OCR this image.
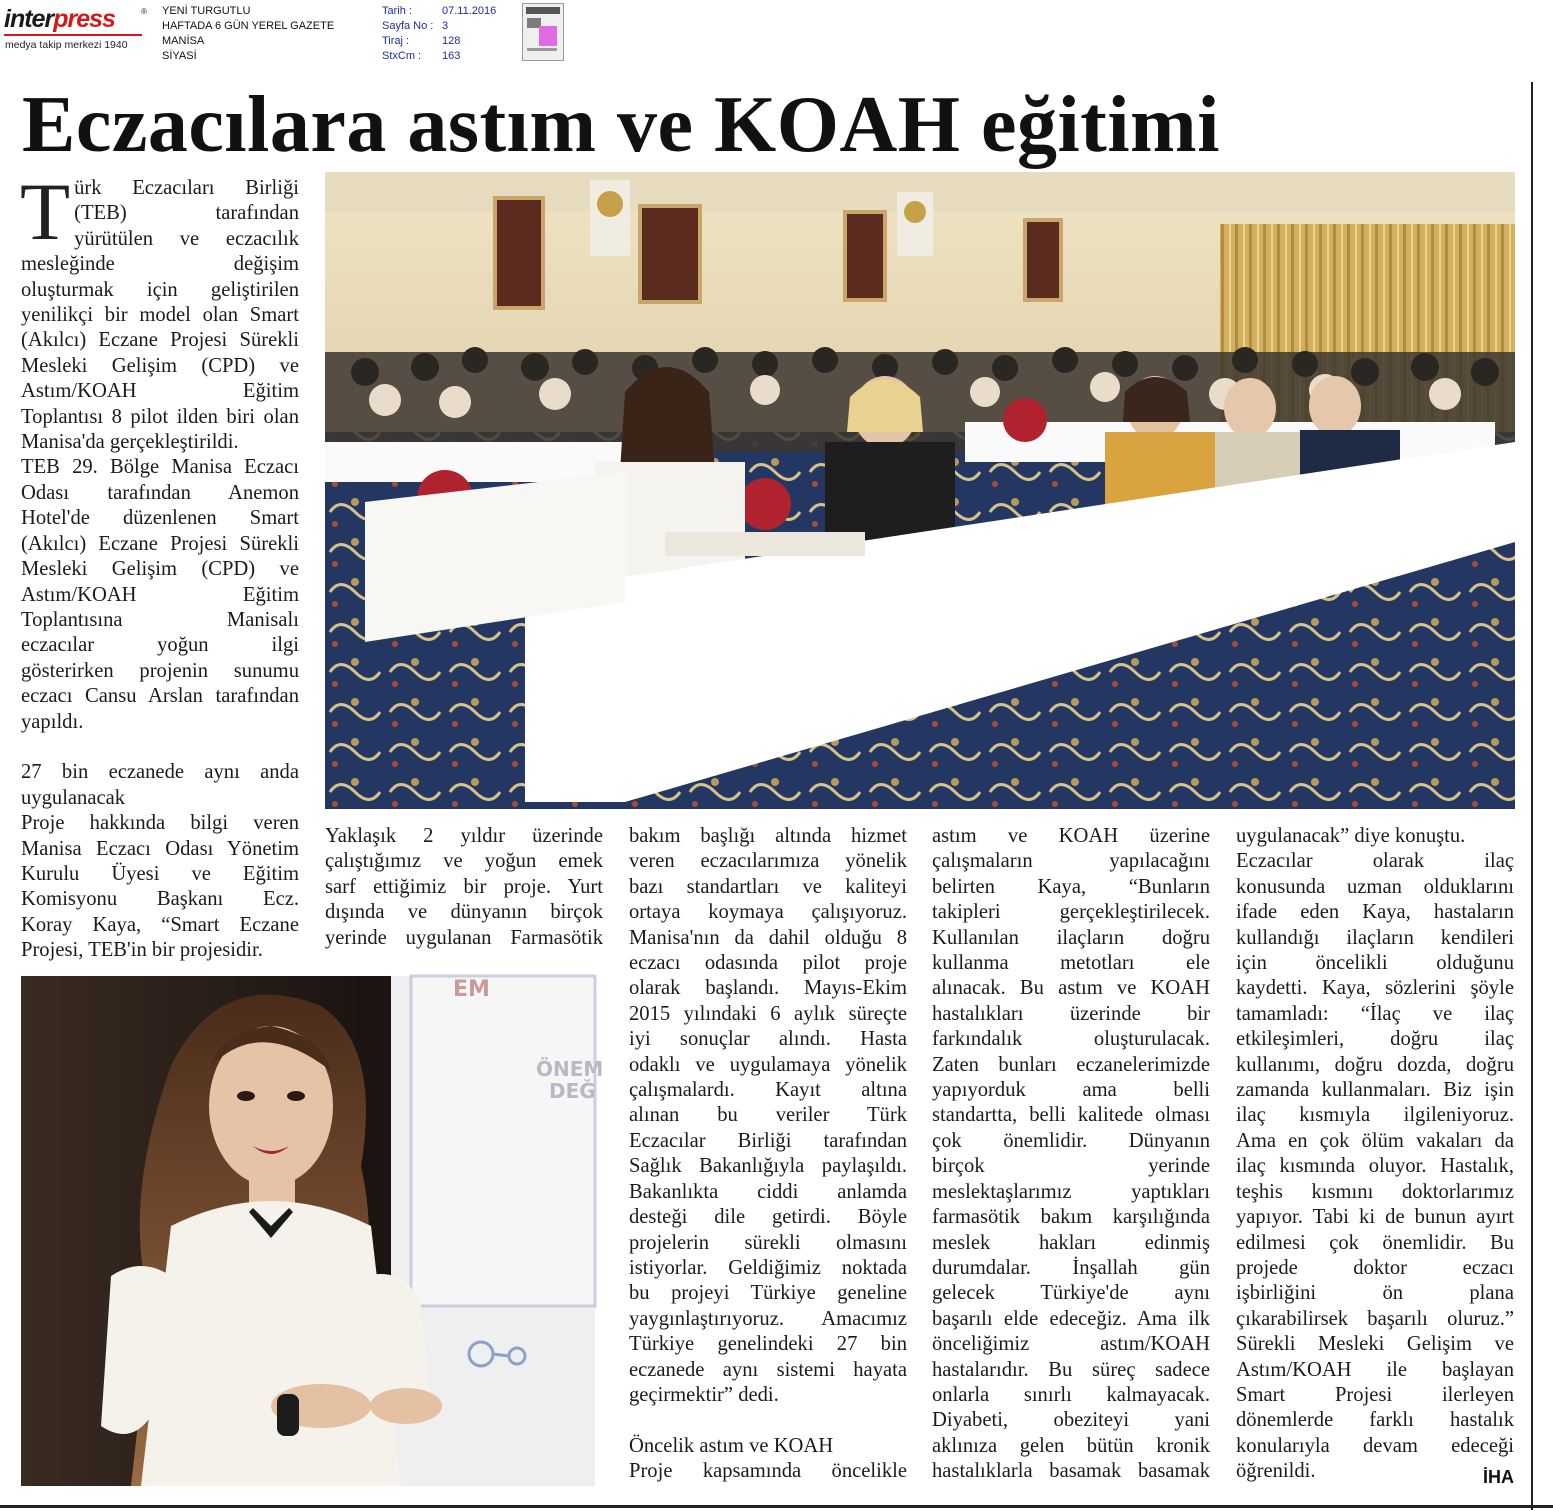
interpress	®
medya takip merkezi 1940
YENİ TURGUTLU
HAFTADA 6 GÜN YEREL GAZETE
MANİSA
SİYASİ
Tarih :	07.11.2016
Sayfa No : 3
Tiraj :	128
StxCm : 163
Eczacılara astım ve KOAH eğitimi
T ürk Eczacıları Birliği

(TEB) tarafından

yürütülen ve eczacılık

mesleğinde değişim

oluşturmak için geliştirilen

yenilikçi bir model olan Smart

(Akılcı) Eczane Projesi Sürekli

Mesleki Gelişim (CPD) ve

Astım/KOAH Eğitim

Toplantısı 8 pilot ilden biri olan

Manisa'da gerçekleştirildi.

TEB 29. Bölge Manisa Eczacı

Odası tarafından Anemon

Hotel'de düzenlenen Smart

(Akılcı) Eczane Projesi Sürekli

Mesleki Gelişim (CPD) ve

Astım/KOAH Eğitim

Toplantısına Manisalı

eczacılar yoğun ilgi

gösterirken projenin sunumu

eczacı Cansu Arslan tarafından

yapıldı.

27 bin eczanede aynı anda

uygulanacak

Proje hakkında bilgi veren

Manisa Eczacı Odası Yönetim

Kurulu Üyesi ve Eğitim

Komisyonu Başkanı Ecz.

Koray Kaya, “Smart Eczane

Projesi, TEB'in bir projesidir.

Yaklaşık 2 yıldır üzerinde

çalıştığımız ve yoğun emek

sarf ettiğimiz bir proje. Yurt

dışında ve dünyanın birçok

yerinde uygulanan Farmasötik

EM
ÖNEM
DEĞ

bakım başlığı altında hizmet

veren eczacılarımıza yönelik

bazı standartları ve kaliteyi

ortaya koymaya çalışıyoruz.

Manisa'nın da dahil olduğu 8

eczacı odasında pilot proje

olarak başlandı. Mayıs-Ekim

2015 yılındaki 6 aylık süreçte

iyi sonuçlar alındı. Hasta

odaklı ve uygulamaya yönelik

çalışmalardı. Kayıt altına

alınan bu veriler Türk

Eczacılar Birliği tarafından

Sağlık Bakanlığıyla paylaşıldı.

Bakanlıkta ciddi anlamda

desteği dile getirdi. Böyle

projelerin sürekli olmasını

istiyorlar. Geldiğimiz noktada

bu projeyi Türkiye geneline

yaygınlaştırıyoruz. Amacımız

Türkiye genelindeki 27 bin

eczanede aynı sistemi hayata

geçirmektir” dedi.

Öncelik astım ve KOAH

Proje kapsamında öncelikle

astım ve KOAH üzerine

çalışmaların yapılacağını

belirten Kaya, “Bunların

takipleri gerçekleştirilecek.

Kullanılan ilaçların doğru

kullanma metotları ele

alınacak. Bu astım ve KOAH

hastalıkları üzerinde bir

farkındalık oluşturulacak.

Zaten bunları eczanelerimizde

yapıyorduk ama belli

standartta, belli kalitede olması

çok önemlidir. Dünyanın

birçok yerinde

meslektaşlarımız yaptıkları

farmasötik bakım karşılığında

meslek hakları edinmiş

durumdalar. İnşallah gün

gelecek Türkiye'de aynı

başarılı elde edeceğiz. Ama ilk

önceliğimiz astım/KOAH

hastalarıdır. Bu süreç sadece

onlarla sınırlı kalmayacak.

Diyabeti, obeziteyi yani

aklınıza gelen bütün kronik

hastalıklarla basamak basamak

uygulanacak” diye konuştu.

Eczacılar olarak ilaç

konusunda uzman olduklarını

ifade eden Kaya, hastaların

kullandığı ilaçların kendileri

için öncelikli olduğunu

kaydetti. Kaya, sözlerini şöyle

tamamladı: “İlaç ve ilaç

etkileşimleri, doğru ilaç

kullanımı, doğru dozda, doğru

zamanda kullanmaları. Biz işin

ilaç kısmıyla ilgileniyoruz.

Ama en çok ölüm vakaları da

ilaç kısmında oluyor. Hastalık,

teşhis kısmını doktorlarımız

yapıyor. Tabi ki de bunun ayırt

edilmesi çok önemlidir. Bu

projede doktor eczacı

işbirliğini ön plana

çıkarabilirsek başarılı oluruz.”

Sürekli Mesleki Gelişim ve

Astım/KOAH ile başlayan

Smart Projesi ilerleyen

dönemlerde farklı hastalık

konularıyla devam edeceği

öğrenildi.	İHA
